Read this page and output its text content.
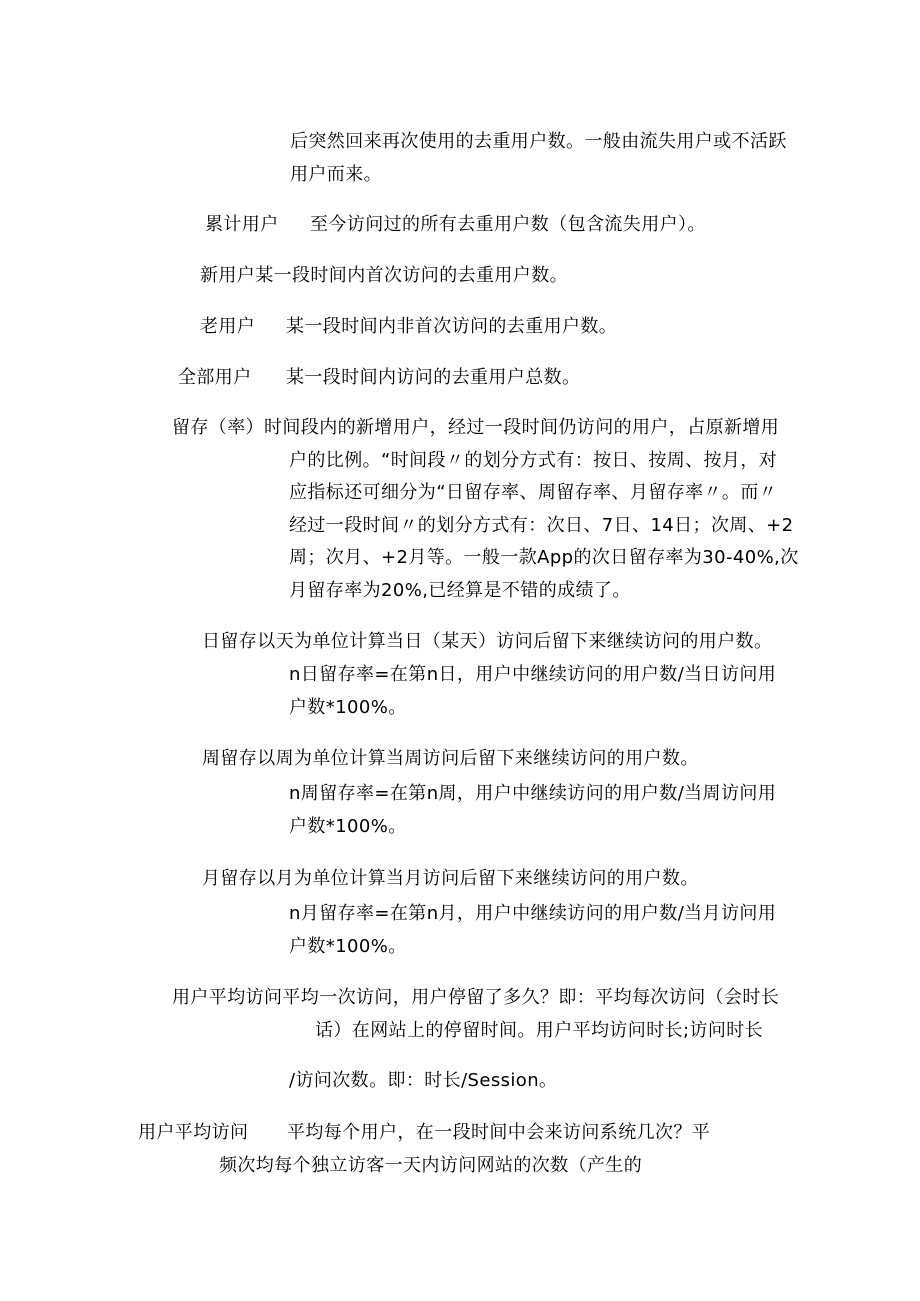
后突然回来再次使用的去重用户数。一般由流失用户或不活跃
用户而来。
累计用户 至今访问过的所有去重用户数（包含流失用户）。
新用户某一段时间内首次访问的去重用户数。
老用户 某一段时间内非首次访问的去重用户数。
全部用户 某一段时间内访问的去重用户总数。
留存（率）时间段内的新增用户，经过一段时间仍访问的用户，占原新增用
户的比例。“时间段〃的划分方式有：按日、按周、按月，对
应指标还可细分为“日留存率、周留存率、月留存率〃。而〃
经过一段时间〃的划分方式有：次日、7日、14日；次周、+2
周；次月、+2月等。一般一款App的次日留存率为30-40%,次
月留存率为20%,已经算是不错的成绩了。
日留存以天为单位计算当日（某天）访问后留下来继续访问的用户数。
n日留存率=在第n日，用户中继续访问的用户数/当日访问用
户数*100%。
周留存以周为单位计算当周访问后留下来继续访问的用户数。
n周留存率=在第n周，用户中继续访问的用户数/当周访问用
户数*100%。
月留存以月为单位计算当月访问后留下来继续访问的用户数。
n月留存率=在第n月，用户中继续访问的用户数/当月访问用
户数*100%。
用户平均访问平均一次访问，用户停留了多久？即：平均每次访问（会时长
话）在网站上的停留时间。用户平均访问时长;访问时长
/访问次数。即：时长/Session。
用户平均访问 平均每个用户，在一段时间中会来访问系统几次？平
频次均每个独立访客一天内访问网站的次数（产生的
